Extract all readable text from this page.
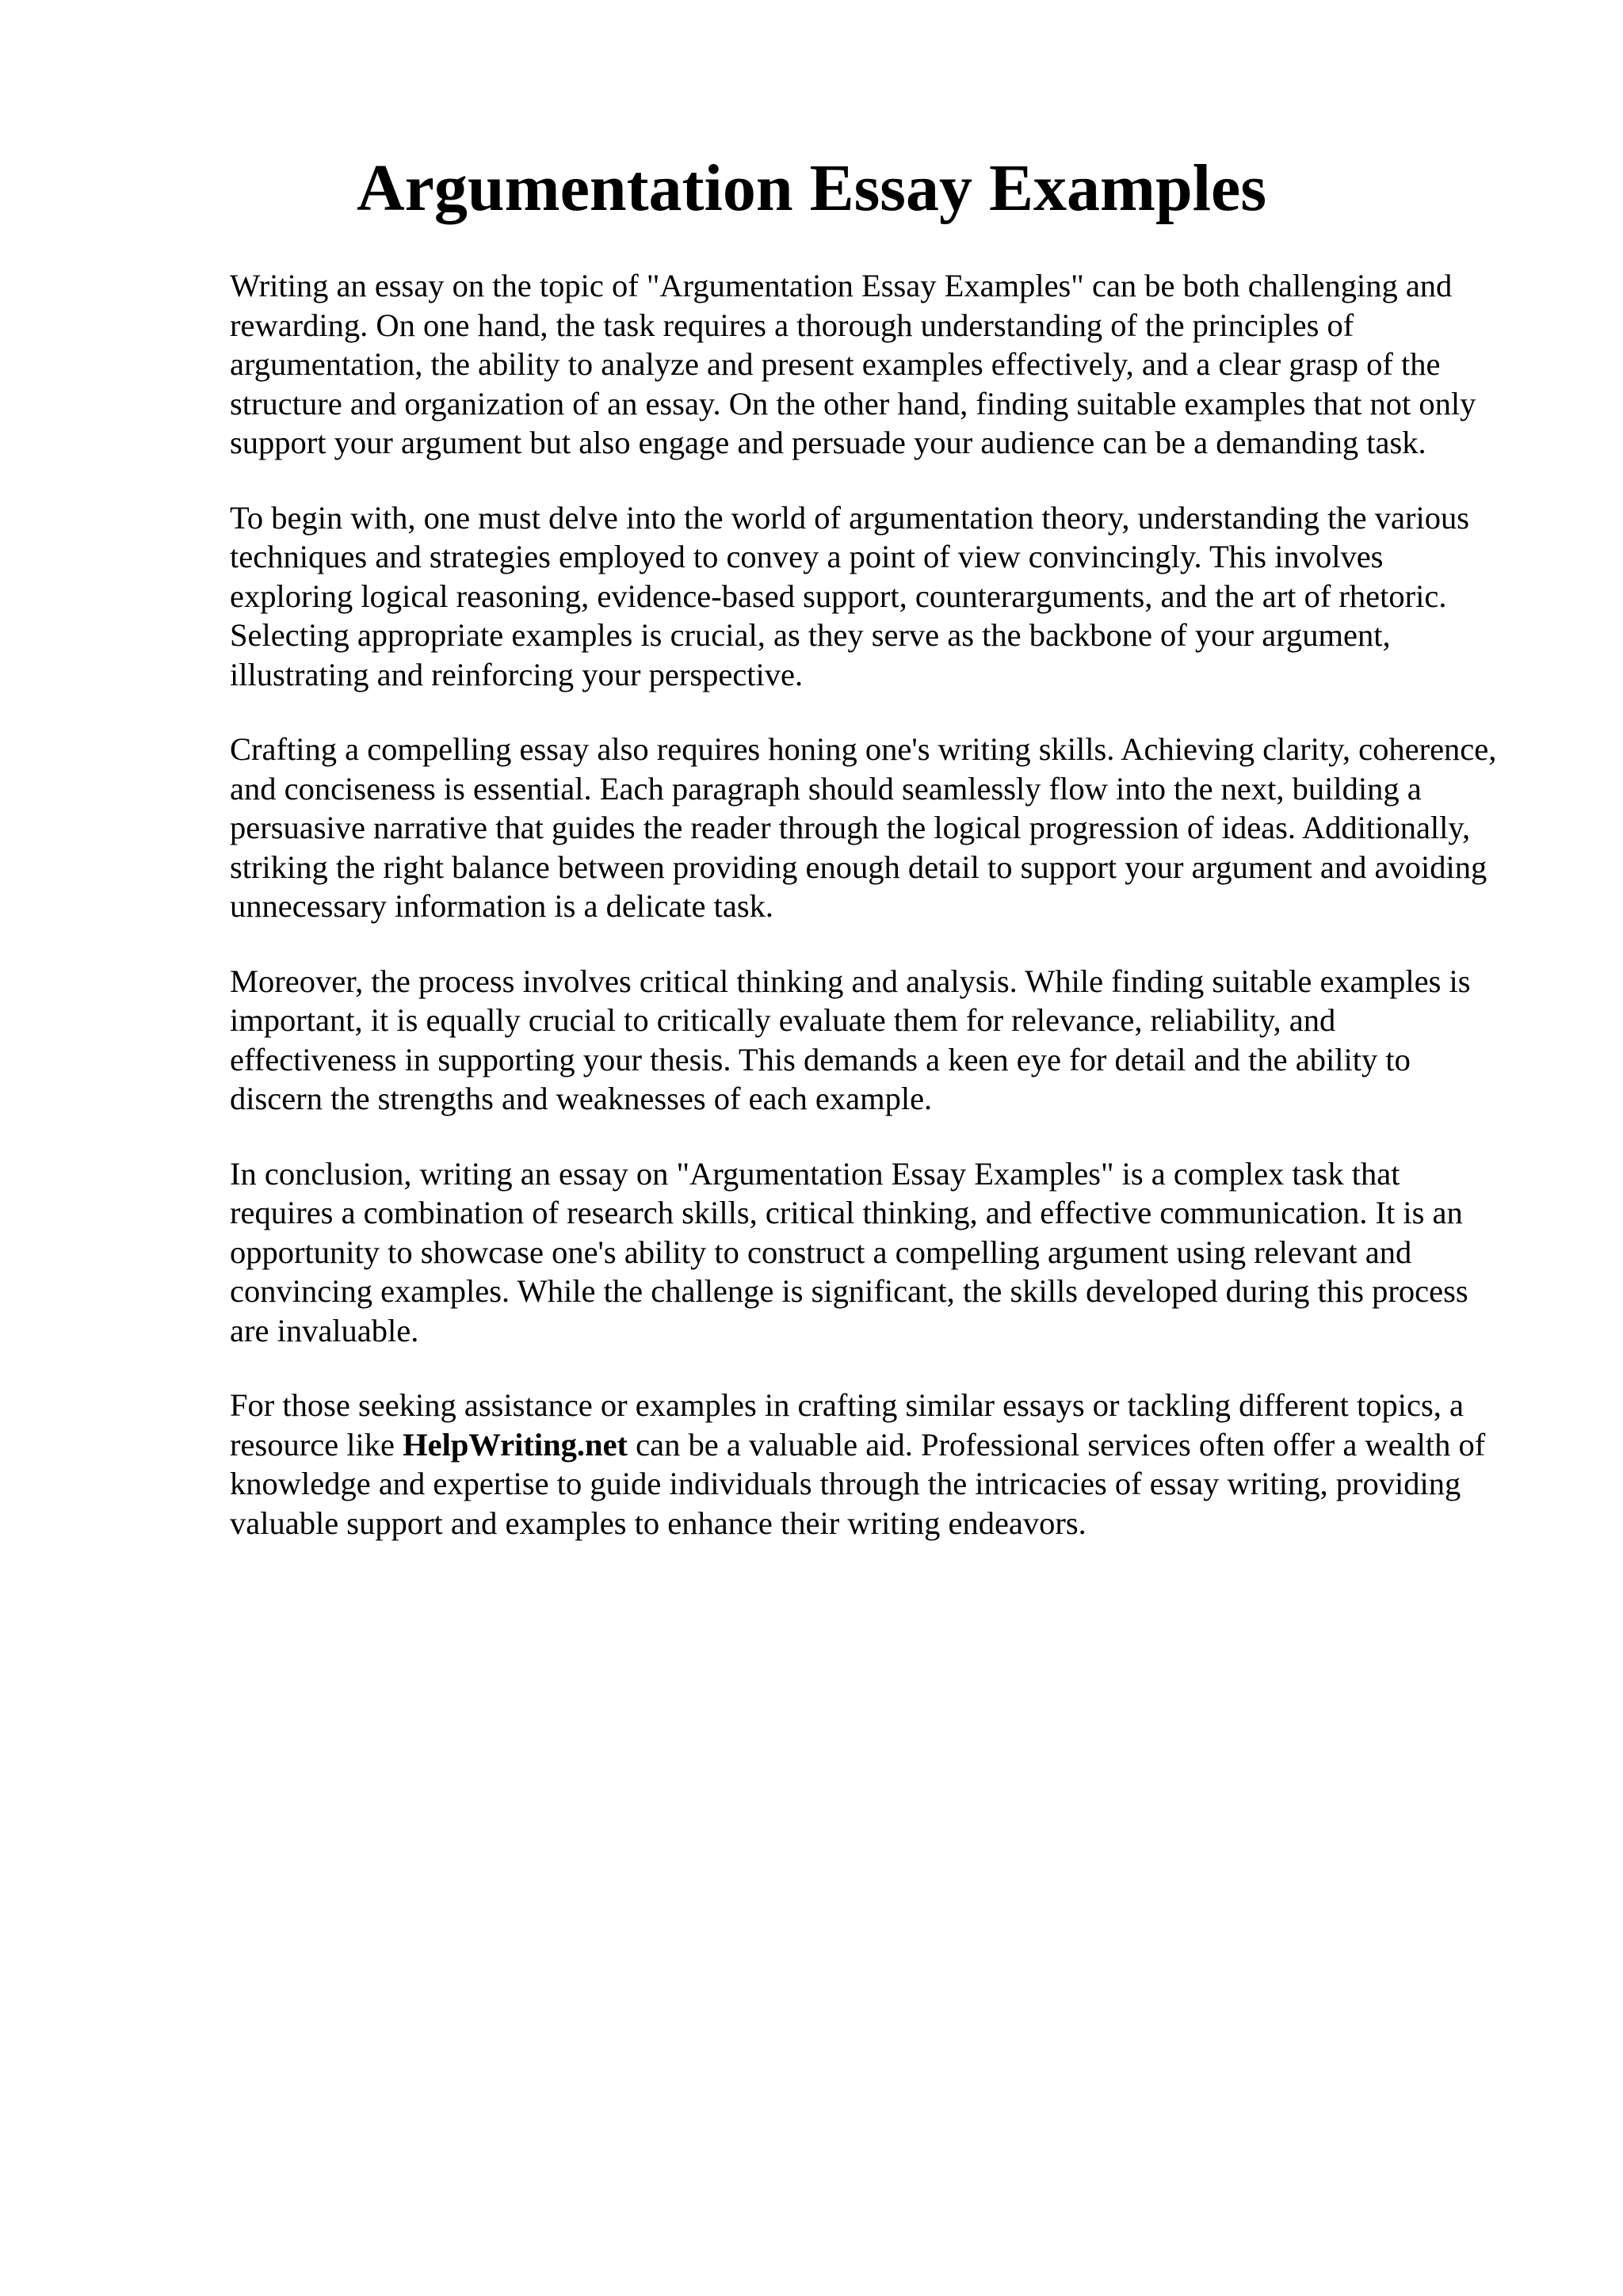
Argumentation Essay Examples

Writing an essay on the topic of "Argumentation Essay Examples" can be both challenging and rewarding. On one hand, the task requires a thorough understanding of the principles of argumentation, the ability to analyze and present examples effectively, and a clear grasp of the structure and organization of an essay. On the other hand, finding suitable examples that not only support your argument but also engage and persuade your audience can be a demanding task.

To begin with, one must delve into the world of argumentation theory, understanding the various techniques and strategies employed to convey a point of view convincingly. This involves exploring logical reasoning, evidence-based support, counterarguments, and the art of rhetoric. Selecting appropriate examples is crucial, as they serve as the backbone of your argument, illustrating and reinforcing your perspective.

Crafting a compelling essay also requires honing one's writing skills. Achieving clarity, coherence, and conciseness is essential. Each paragraph should seamlessly flow into the next, building a persuasive narrative that guides the reader through the logical progression of ideas. Additionally, striking the right balance between providing enough detail to support your argument and avoiding unnecessary information is a delicate task.

Moreover, the process involves critical thinking and analysis. While finding suitable examples is important, it is equally crucial to critically evaluate them for relevance, reliability, and effectiveness in supporting your thesis. This demands a keen eye for detail and the ability to discern the strengths and weaknesses of each example.

In conclusion, writing an essay on "Argumentation Essay Examples" is a complex task that requires a combination of research skills, critical thinking, and effective communication. It is an opportunity to showcase one's ability to construct a compelling argument using relevant and convincing examples. While the challenge is significant, the skills developed during this process are invaluable.

For those seeking assistance or examples in crafting similar essays or tackling different topics, a resource like HelpWriting.net can be a valuable aid. Professional services often offer a wealth of knowledge and expertise to guide individuals through the intricacies of essay writing, providing valuable support and examples to enhance their writing endeavors.
